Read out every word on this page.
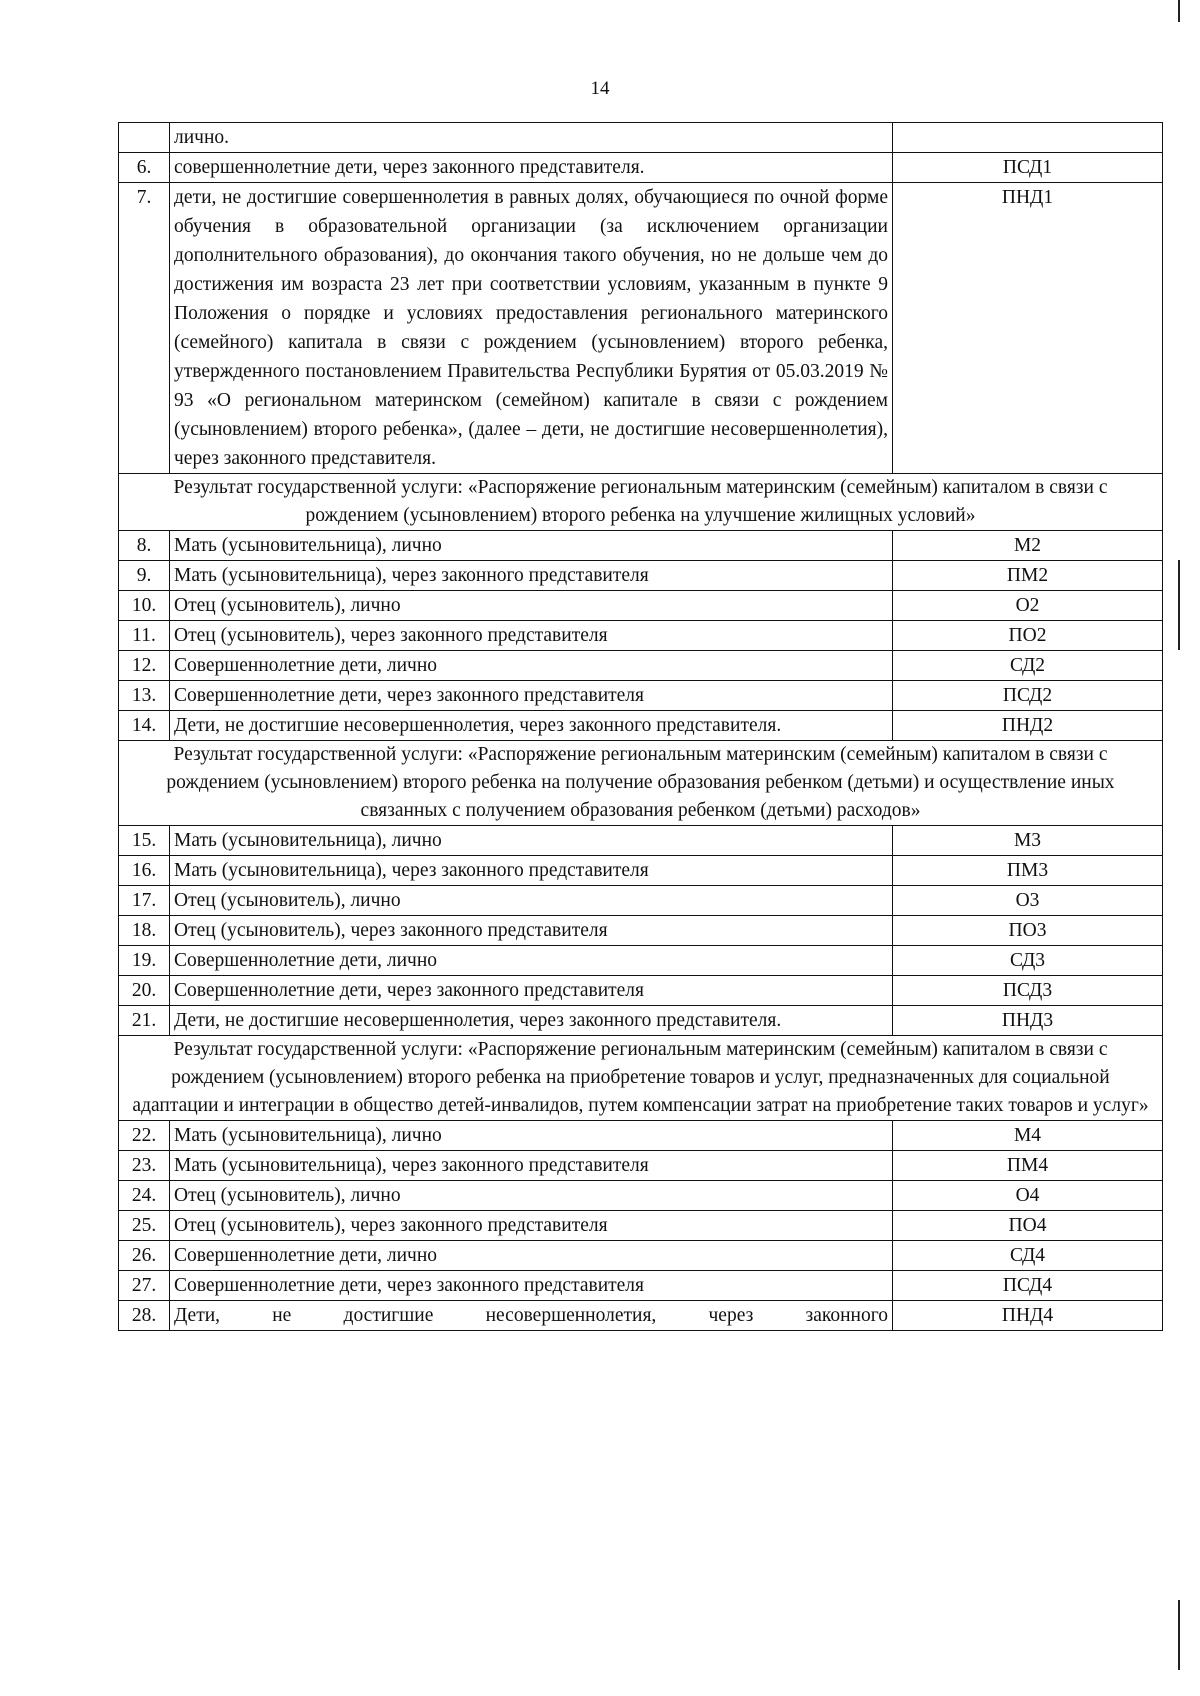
14
	лично.	
6.	совершеннолетние дети, через законного представителя.	ПСД1
7.	дети, не достигшие совершеннолетия в равных долях, обучающиеся по очной форме обучения в образовательной организации (за исключением организации дополнительного образования), до окончания такого обучения, но не дольше чем до достижения им возраста 23 лет при соответствии условиям, указанным в пункте 9 Положения о порядке и условиях предоставления регионального материнского (семейного) капитала в связи с рождением (усыновлением) второго ребенка, утвержденного постановлением Правительства Республики Бурятия от 05.03.2019 № 93 «О региональном материнском (семейном) капитале в связи с рождением (усыновлением) второго ребенка», (далее – дети, не достигшие несовершеннолетия), через законного представителя.	ПНД1
Результат государственной услуги: «Распоряжение региональным материнским (семейным) капиталом в связи с рождением (усыновлением) второго ребенка на улучшение жилищных условий»		
8.	Мать (усыновительница), лично	М2
9.	Мать (усыновительница), через законного представителя	ПМ2
10.	Отец (усыновитель), лично	О2
11.	Отец (усыновитель), через законного представителя	ПО2
12.	Совершеннолетние дети, лично	СД2
13.	Совершеннолетние дети, через законного представителя	ПСД2
14.	Дети, не достигшие несовершеннолетия, через законного представителя.	ПНД2
Результат государственной услуги: «Распоряжение региональным материнским (семейным) капиталом в связи с рождением (усыновлением) второго ребенка на получение образования ребенком (детьми) и осуществление иных связанных с получением образования ребенком (детьми) расходов»		
15.	Мать (усыновительница), лично	М3
16.	Мать (усыновительница), через законного представителя	ПМ3
17.	Отец (усыновитель), лично	О3
18.	Отец (усыновитель), через законного представителя	ПО3
19.	Совершеннолетние дети, лично	СД3
20.	Совершеннолетние дети, через законного представителя	ПСД3
21.	Дети, не достигшие несовершеннолетия, через законного представителя.	ПНД3
Результат государственной услуги: «Распоряжение региональным материнским (семейным) капиталом в связи с рождением (усыновлением) второго ребенка на приобретение товаров и услуг, предназначенных для социальной адаптации и интеграции в общество детей-инвалидов, путем компенсации затрат на приобретение таких товаров и услуг»		
22.	Мать (усыновительница), лично	М4
23.	Мать (усыновительница), через законного представителя	ПМ4
24.	Отец (усыновитель), лично	О4
25.	Отец (усыновитель), через законного представителя	ПО4
26.	Совершеннолетние дети, лично	СД4
27.	Совершеннолетние дети, через законного представителя	ПСД4
28.	Дети, не достигшие несовершеннолетия, через законного	ПНД4
